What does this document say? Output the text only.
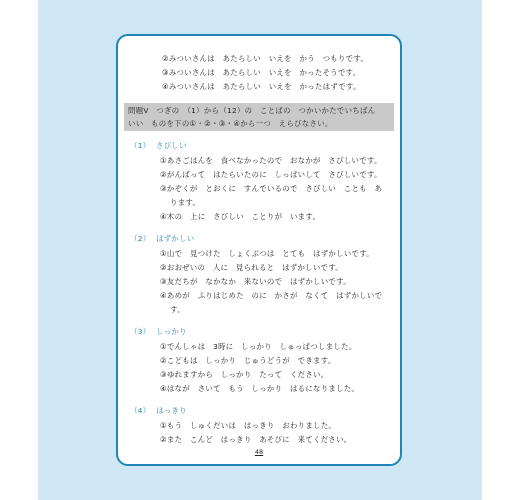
②みついさんは　あたらしい　いえを　かう　つもりです。
③みついさんは　あたらしい　いえを　かったそうです。
④みついさんは　あたらしい　いえを　かったはずです。
問題Ⅴ　つぎの　（1）から（12）の　ことばの　つかいかたでいちばん
いい　ものを下の①・②・③・④から一つ　えらびなさい。
（1） さびしい
①あさごはんを　食べなかったので　おなかが　さびしいです。
②がんばって　はたらいたのに　しっぱいして　さびしいです。
③かぞくが　とおくに　すんでいるので　さびしい　ことも　あ
ります。
④木の　上に　さびしい　ことりが　います。
（2） はずかしい
①山で　見つけた　しょくぶつは　とても　はずかしいです。
②おおぜいの　人に　見られると　はずかしいです。
③友だちが　なかなか　来ないので　はずかしいです。
④あめが　ふりはじめた　のに　かさが　なくて　はずかしいで
す。
（3） しっかり
①でんしゃは　3時に　しっかり　しゅっぱつしました。
②こどもは　しっかり　じゅうどうが　できます。
③ゆれますから　しっかり　たって　ください。
④はなが　さいて　もう　しっかり　はるになりました。
（4） はっきり
①もう　しゅくだいは　はっきり　おわりました。
②また　こんど　はっきり　あそびに　来てください。
48
